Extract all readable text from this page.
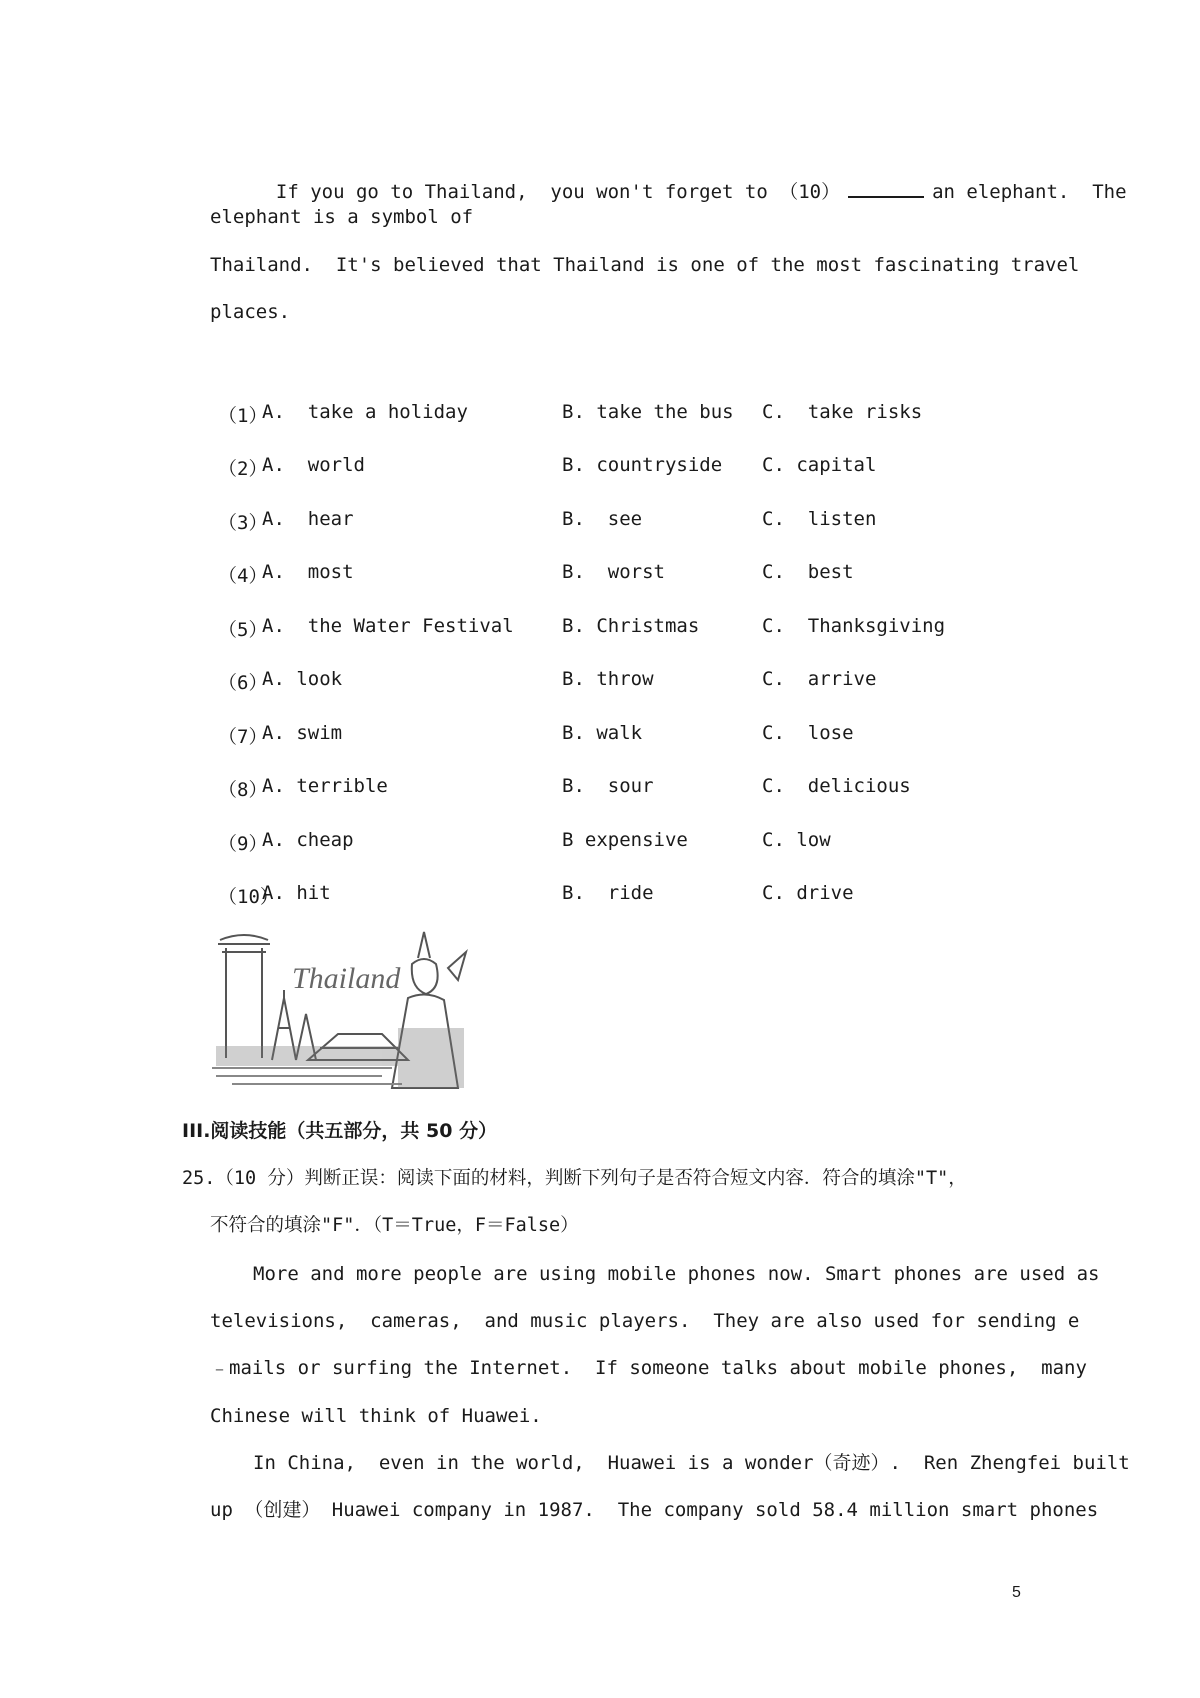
If you go to Thailand,  you won't forget to （10）	an elephant.  The

elephant is a symbol of
Thailand.  It's believed that Thailand is one of the most fascinating travel
places.
（1）
A.  take a holiday	B. take the bus C.  take risks
（2）
A.  world	B. countryside C. capital
（3）
A.  hear	B.  see	C.  listen
（4）
A.  most	B.  worst	C.  best
（5）
A.  the Water Festival	B. Christmas	C.  Thanksgiving
（6）
A. look	B. throw	C.  arrive
（7）
A. swim	B. walk	C.  lose
（8）
A. terrible	B.  sour	C.  delicious
（9）
A. cheap	B expensive	C. low
（10）
A. hit	B.  ride	C. drive
Thailand
III.阅读技能（共五部分，共 50 分）
25.（10 分）判断正误：阅读下面的材料，判断下列句子是否符合短文内容．符合的填涂"T"，
不符合的填涂"F"．（T＝True，F＝False）
More and more people are using mobile phones now. Smart phones are used as
televisions,  cameras,  and music players.  They are also used for sending e
﹣mails or surfing the Internet.  If someone talks about mobile phones,  many
Chinese will think of Huawei.
In China,  even in the world,  Huawei is a wonder（奇迹）.  Ren Zhengfei built
up （创建） Huawei company in 1987.  The company sold 58.4 million smart phones
5
